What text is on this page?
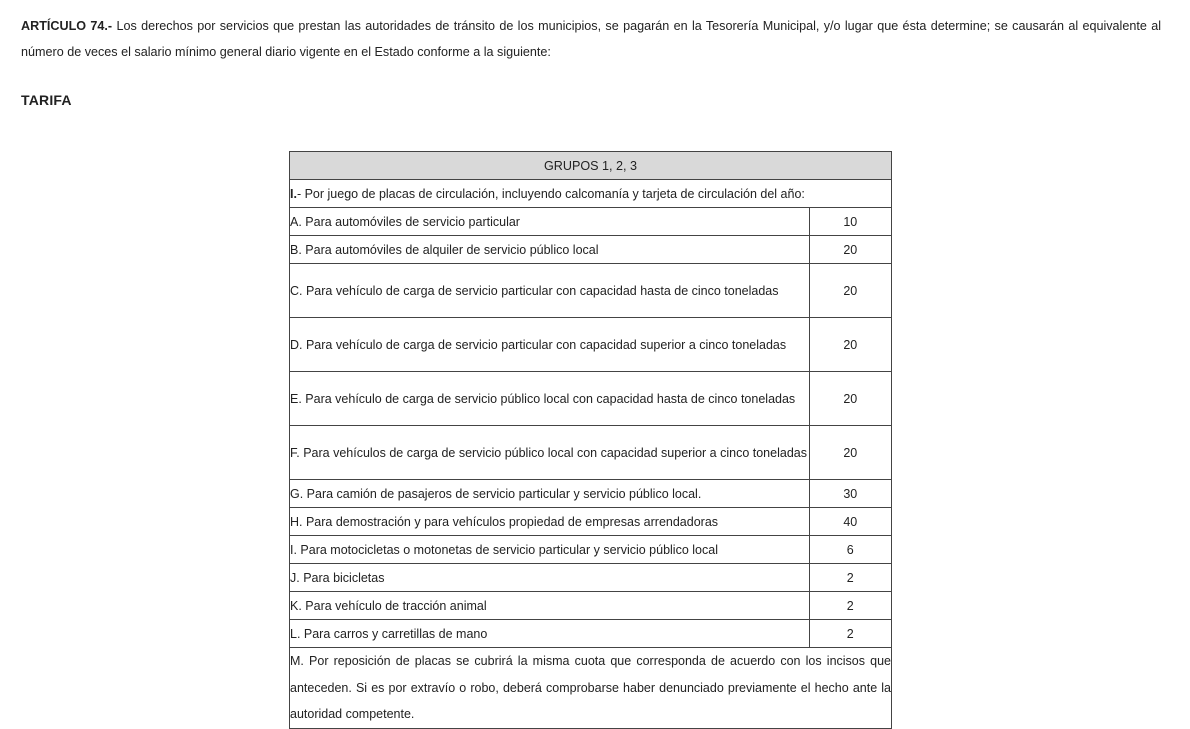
ARTÍCULO 74.- Los derechos por servicios que prestan las autoridades de tránsito de los municipios, se pagarán en la Tesorería Municipal, y/o lugar que ésta determine; se causarán al equivalente al número de veces el salario mínimo general diario vigente en el Estado conforme a la siguiente:

TARIFA
GRUPOS 1, 2, 3	
I.- Por juego de placas de circulación, incluyendo calcomanía y tarjeta de circulación del año:	
A. Para automóviles de servicio particular	10
B. Para automóviles de alquiler de servicio público local	20
C. Para vehículo de carga de servicio particular con capacidad hasta de cinco toneladas	20
D. Para vehículo de carga de servicio particular con capacidad superior a cinco toneladas	20
E. Para vehículo de carga de servicio público local con capacidad hasta de cinco toneladas	20
F. Para vehículos de carga de servicio público local con capacidad superior a cinco toneladas	20
G. Para camión de pasajeros de servicio particular y servicio público local.	30
H. Para demostración y para vehículos propiedad de empresas arrendadoras	40
I. Para motocicletas o motonetas de servicio particular y servicio público local	6
J. Para bicicletas	2
K. Para vehículo de tracción animal	2
L. Para carros y carretillas de mano	2
M. Por reposición de placas se cubrirá la misma cuota que corresponda de acuerdo con los incisos que anteceden. Si es por extravío o robo, deberá comprobarse haber denunciado previamente el hecho ante la autoridad competente.	
